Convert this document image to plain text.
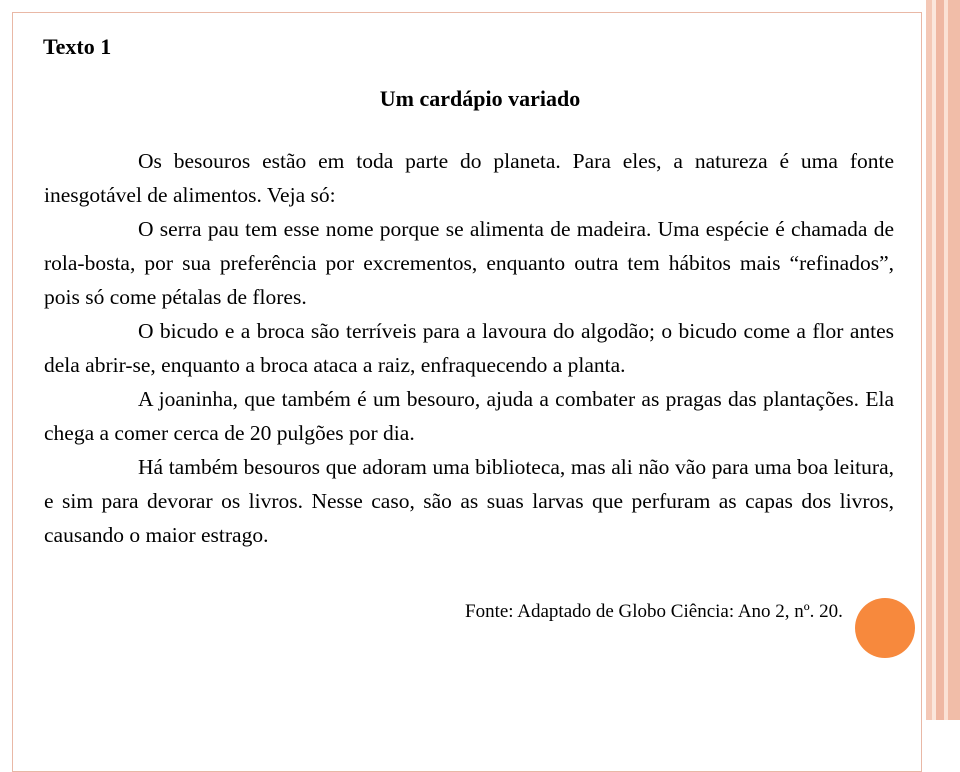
Texto 1
Um cardápio variado

Os besouros estão em toda parte do planeta. Para eles, a natureza é uma fonte inesgotável de alimentos. Veja só:

O serra pau tem esse nome porque se alimenta de madeira. Uma espécie é chamada de rola-bosta, por sua preferência por excrementos, enquanto outra tem hábitos mais “refinados”, pois só come pétalas de flores.

O bicudo e a broca são terríveis para a lavoura do algodão; o bicudo come a flor antes dela abrir-se, enquanto a broca ataca a raiz, enfraquecendo a planta.

A joaninha, que também é um besouro, ajuda a combater as pragas das plantações. Ela chega a comer cerca de 20 pulgões por dia.

Há também besouros que adoram uma biblioteca, mas ali não vão para uma boa leitura, e sim para devorar os livros. Nesse caso, são as suas larvas que perfuram as capas dos livros, causando o maior estrago.

Fonte: Adaptado de Globo Ciência: Ano 2, nº. 20.
